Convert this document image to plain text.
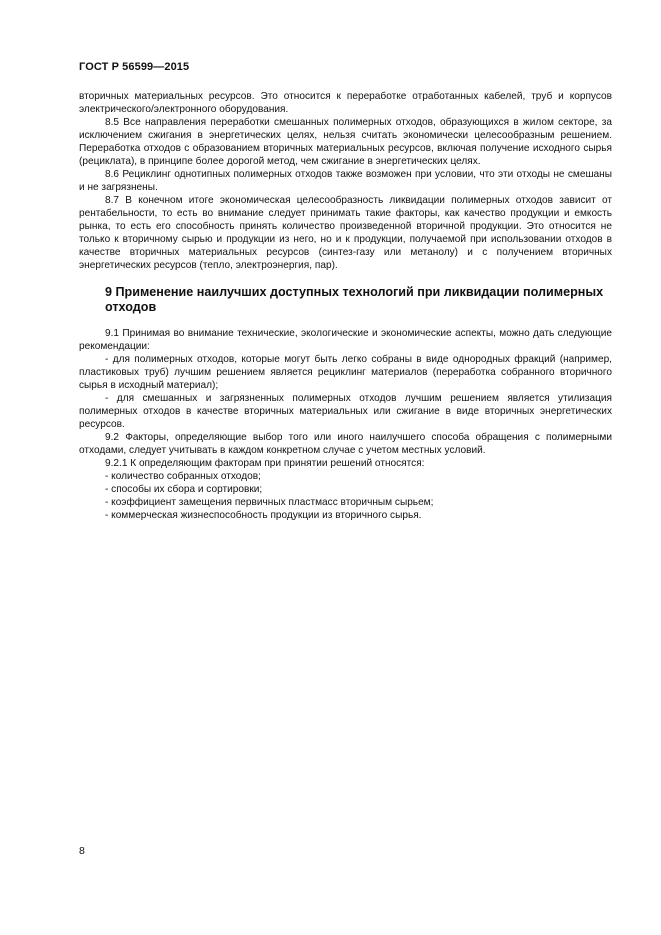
ГОСТ Р 56599—2015

вторичных материальных ресурсов. Это относится к переработке отработанных кабелей, труб и корпусов электрического/электронного оборудования.

8.5 Все направления переработки смешанных полимерных отходов, образующихся в жилом секторе, за исключением сжигания в энергетических целях, нельзя считать экономически целесообразным решением. Переработка отходов с образованием вторичных материальных ресурсов, включая получение исходного сырья (рециклата), в принципе более дорогой метод, чем сжигание в энергетических целях.

8.6 Рециклинг однотипных полимерных отходов также возможен при условии, что эти отходы не смешаны и не загрязнены.

8.7 В конечном итоге экономическая целесообразность ликвидации полимерных отходов зависит от рентабельности, то есть во внимание следует принимать такие факторы, как качество продукции и емкость рынка, то есть его способность принять количество произведенной вторичной продукции. Это относится не только к вторичному сырью и продукции из него, но и к продукции, получаемой при использовании отходов в качестве вторичных материальных ресурсов (синтез-газу или метанолу) и с получением вторичных энергетических ресурсов (тепло, электроэнергия, пар).

9 Применение наилучших доступных технологий при ликвидации полимерных отходов

9.1 Принимая во внимание технические, экологические и экономические аспекты, можно дать следующие рекомендации:

- для полимерных отходов, которые могут быть легко собраны в виде однородных фракций (например, пластиковых труб) лучшим решением является рециклинг материалов (переработка собранного вторичного сырья в исходный материал);

- для смешанных и загрязненных полимерных отходов лучшим решением является утилизация полимерных отходов в качестве вторичных материальных или сжигание в виде вторичных энергетических ресурсов.

9.2 Факторы, определяющие выбор того или иного наилучшего способа обращения с полимерными отходами, следует учитывать в каждом конкретном случае с учетом местных условий.

9.2.1 К определяющим факторам при принятии решений относятся:

- количество собранных отходов;
- способы их сбора и сортировки;
- коэффициент замещения первичных пластмасс вторичным сырьем;
- коммерческая жизнеспособность продукции из вторичного сырья.
8
